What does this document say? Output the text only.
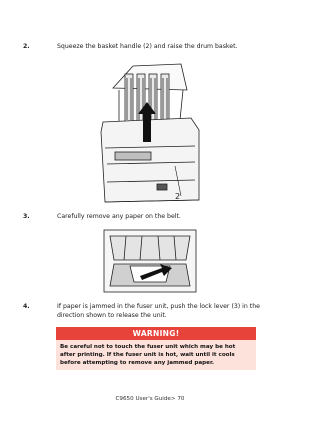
2.	Squeeze the basket handle (2) and raise the drum basket.
2
3.	Carefully remove any paper on the belt.
4.	If paper is jammed in the fuser unit, push the lock lever (3) in the direction shown to release the unit.
WARNING!
Be careful not to touch the fuser unit which may be hot after printing. If the fuser unit is hot, wait until it cools before attempting to remove any jammed paper.
C9650 User's Guide> 70
